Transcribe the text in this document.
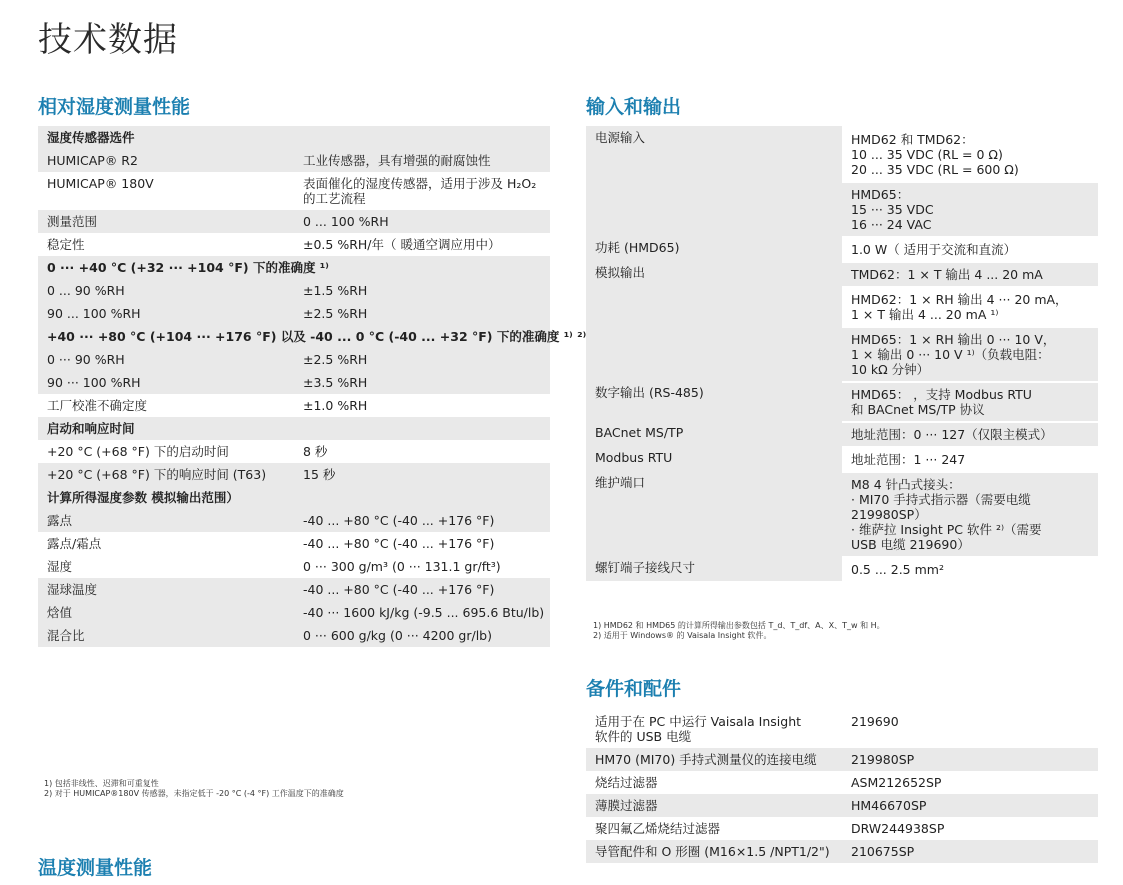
技术数据
相对湿度测量性能
湿度传感器选件
HUMICAP® R2	工业传感器，具有增强的耐腐蚀性
HUMICAP® 180V	表面催化的湿度传感器，适用于涉及 H₂O₂ 的工艺流程
测量范围	0 ... 100 %RH
稳定性	±0.5 %RH/年（ 暖通空调应用中）
0 ··· +40 °C (+32 ··· +104 °F) 下的准确度 ¹⁾
0 ... 90 %RH	±1.5 %RH
90 ... 100 %RH	±2.5 %RH
+40 ··· +80 °C (+104 ··· +176 °F) 以及 -40 ... 0 °C (-40 ... +32 °F) 下的准确度 ¹⁾ ²⁾
0 ··· 90 %RH	±2.5 %RH
90 ··· 100 %RH	±3.5 %RH
工厂校准不确定度	±1.0 %RH
启动和响应时间
+20 °C (+68 °F) 下的启动时间	8 秒
+20 °C (+68 °F) 下的响应时间 (T63)	15 秒
计算所得湿度参数 模拟输出范围）
露点	-40 ... +80 °C (-40 ... +176 °F)
露点/霜点	-40 ... +80 °C (-40 ... +176 °F)
湿度	0 ··· 300 g/m³ (0 ··· 131.1 gr/ft³)
湿球温度	-40 ... +80 °C (-40 ... +176 °F)
焓值	-40 ··· 1600 kJ/kg (-9.5 ... 695.6 Btu/lb)
混合比	0 ··· 600 g/kg (0 ··· 4200 gr/lb)
1) 包括非线性、迟滞和可重复性
2) 对于 HUMICAP®180V 传感器，未指定低于 -20 °C (-4 °F) 工作温度下的准确度
温度测量性能
输入和输出
电源输入	HMD62 和 TMD62：
10 ... 35 VDC (RL = 0 Ω)
20 ... 35 VDC (RL = 600 Ω)
HMD65：
15 ··· 35 VDC
16 ··· 24 VAC
功耗 (HMD65)	1.0 W（ 适用于交流和直流）
模拟输出	TMD62：1 × T 输出 4 ... 20 mA
HMD62：1 × RH 输出 4 ··· 20 mA，
1 × T 输出 4 ... 20 mA ¹⁾
HMD65：1 × RH 输出 0 ··· 10 V，
1 × 输出 0 ··· 10 V ¹⁾（负载电阻：
10 kΩ 分钟）
数字输出 (RS-485)	HMD65： ，支持 Modbus RTU
和 BACnet MS/TP 协议
BACnet MS/TP	地址范围：0 ··· 127（仅限主模式）
Modbus RTU	地址范围：1 ··· 247
维护端口	M8 4 针凸式接头：
· MI70 手持式指示器（需要电缆
219980SP）
· 维萨拉 Insight PC 软件 ²⁾（需要
USB 电缆 219690）
螺钉端子接线尺寸	0.5 ... 2.5 mm²
1) HMD62 和 HMD65 的计算所得输出参数包括 T_d、T_df、A、X、T_w 和 H。
2) 适用于 Windows® 的 Vaisala Insight 软件。
备件和配件
适用于在 PC 中运行 Vaisala Insight
软件的 USB 电缆
219690
HM70 (MI70) 手持式测量仪的连接电缆	219980SP
烧结过滤器	ASM212652SP
薄膜过滤器	HM46670SP
聚四氟乙烯烧结过滤器	DRW244938SP
导管配件和 O 形圈 (M16×1.5 /NPT1/2")	210675SP
